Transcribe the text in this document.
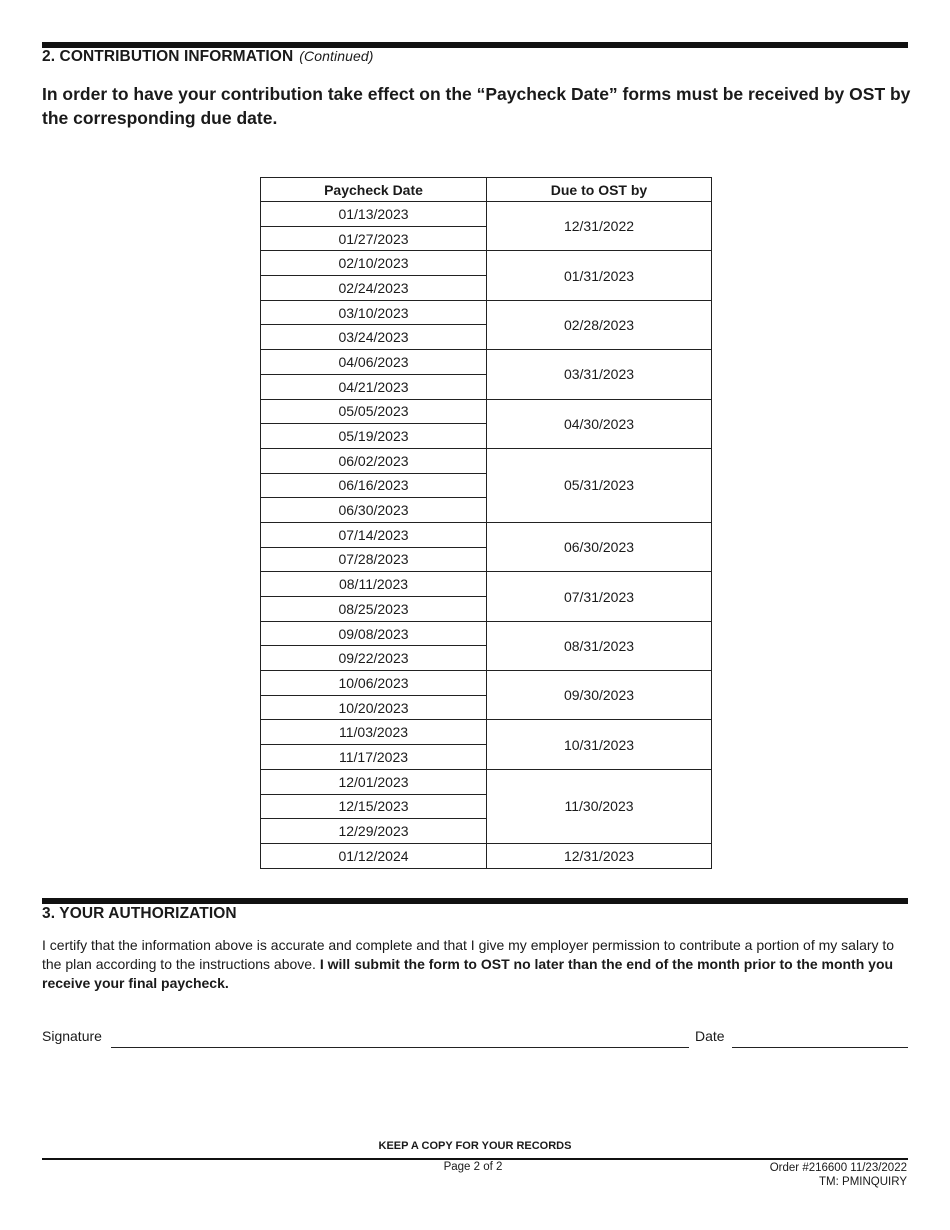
2. CONTRIBUTION INFORMATION (Continued)
In order to have your contribution take effect on the “Paycheck Date” forms must be received by OST by the corresponding due date.
Paycheck Date	Due to OST by
01/13/2023	12/31/2022
01/27/2023	
02/10/2023	01/31/2023
02/24/2023	
03/10/2023	02/28/2023
03/24/2023	
04/06/2023	03/31/2023
04/21/2023	
05/05/2023	04/30/2023
05/19/2023	
06/02/2023	05/31/2023
06/16/2023	
06/30/2023	
07/14/2023	06/30/2023
07/28/2023	
08/11/2023	07/31/2023
08/25/2023	
09/08/2023	08/31/2023
09/22/2023	
10/06/2023	09/30/2023
10/20/2023	
11/03/2023	10/31/2023
11/17/2023	
12/01/2023	11/30/2023
12/15/2023	
12/29/2023	
01/12/2024	12/31/2023
3. YOUR AUTHORIZATION
I certify that the information above is accurate and complete and that I give my employer permission to contribute a portion of my salary to the plan according to the instructions above. I will submit the form to OST no later than the end of the month prior to the month you receive your final paycheck.
Signature	Date
KEEP A COPY FOR YOUR RECORDS
Page 2 of 2	Order #216600 11/23/2022
TM: PMINQUIRY
